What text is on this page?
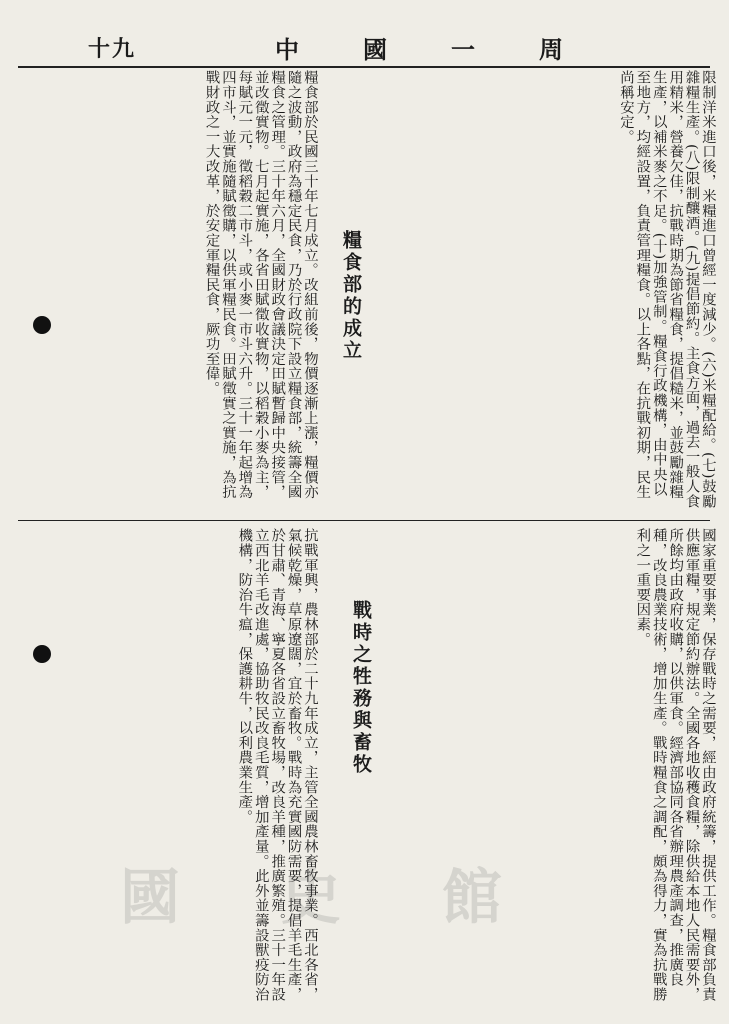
十九	中國一周
限制洋米進口後，米糧進口曾經一度減少。(六)米糧配給。(七)鼓勵雜糧生產。(八)限制釀酒。(九)提倡節約。主食方面，過去一般人食用精米，營養欠佳，抗戰時期為節省糧食，提倡糙米，並鼓勵雜糧生產，以補米麥之不足。(十)加強管制。糧食行政機構，由中央以至地方，均經設置，負責管理糧食。以上各點，在抗戰初期，民生尚稱安定。
糧食部的成立
糧食部於民國三十年七月成立。改組前後，物價逐漸上漲，糧價亦隨之波動，政府為穩定民食，乃於行政院下設立糧食部，統籌全國糧食之管理。三十年六月，全國財政會議決定田賦暫歸中央接管，並改徵實物。七月起實施，各省田賦徵收實物，以稻穀小麥為主，每賦元一元，徵稻穀二市斗，或小麥一市斗六升。三十一年起增為四市斗，並實施隨賦徵購，以供軍糧民食。田賦徵實之實施，為抗戰財政之一大改革，於安定軍糧民食，厥功至偉。
國家重要事業，保存戰時之需要，經由政府統籌，提供工作。糧食部負責供應軍糧，規定節約辦法。全國各地收穫食糧，除供給本地人民需要外，所餘均由政府收購，以供軍食。經濟部協同各省辦理農產調查，推廣良種，改良農業技術，增加生產。戰時糧食之調配，頗為得力，實為抗戰勝利之一重要因素。
戰時之牲務與畜牧
抗戰軍興，農林部於二十九年成立，主管全國農林畜牧事業。西北各省，氣候乾燥，草原遼闊，宜於畜牧。戰時為充實國防需要，提倡羊毛生產，於甘肅、青海、寧夏各省設立畜牧場，改良羊種，推廣繁殖。三十一年設立西北羊毛改進處，協助牧民改良毛質，增加產量。此外並籌設獸疫防治機構，防治牛瘟，保護耕牛，以利農業生產。
國 史 館
